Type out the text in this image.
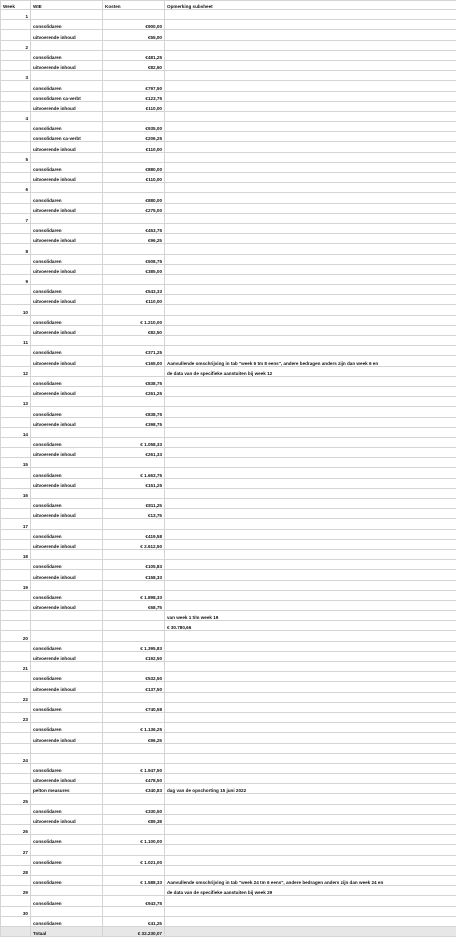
Week	WIE	Kosten	Opmerking subsheet
1			
	consolidaren	€900,00	
	uitvoerende inhoud	€55,00	
2			
	consolidaren	€481,25	
	uitvoerende inhoud	€82,50	
3			
	consolidaren	€797,50	
	consolidaren ca-verbt	€123,75	
	uitvoerende inhoud	€110,00	
4			
	consolidaren	€935,00	
	consolidaren ca-verbt	€206,25	
	uitvoerende inhoud	€110,00	
5			
	consolidaren	€880,00	
	uitvoerende inhoud	€110,00	
6			
	consolidaren	€880,00	
	uitvoerende inhoud	€275,00	
7			
	consolidaren	€453,75	
	uitvoerende inhoud	€96,25	
8			
	consolidaren	€508,75	
	uitvoerende inhoud	€385,00	
9			
	consolidaren	€543,33	
	uitvoerende inhoud	€110,00	
10			
	consolidaren	€ 1.210,00	
	uitvoerende inhoud	€82,50	
11			
	consolidaren	€371,25	
	uitvoerende inhoud	€165,00	Aanvullende omschrijving in tab "week 6 tm 8 eens", andere bedragen anders zijn dan week 6 en
12			de data van de specifieke aanstuiten bij week 12
	consolidaren	€838,75	
	uitvoerende inhoud	€261,25	
13			
	consolidaren	€838,75	
	uitvoerende inhoud	€398,75	
14			
	consolidaren	€ 1.058,33	
	uitvoerende inhoud	€261,33	
15			
	consolidaren	€ 1.663,75	
	uitvoerende inhoud	€151,25	
16			
	consolidaren	€811,25	
	uitvoerende inhoud	€13,75	
17			
	consolidaren	€419,58	
	uitvoerende inhoud	€ 2.612,50	
18			
	consolidaren	€105,83	
	uitvoerende inhoud	€158,33	
19			
	consolidaren	€ 1.898,33	
	uitvoerende inhoud	€68,75	
			van week 1 t/m week 19
			€ 30.780,66
20			
	consolidaren	€ 1.395,83	
	uitvoerende inhoud	€192,50	
21			
	consolidaren	€532,50	
	uitvoerende inhoud	€137,50	
22			
	consolidaren	€740,58	
23			
	consolidaren	€ 1.136,25	
	uitvoerende inhoud	€96,25	

24			
	consolidaren	€ 1.947,50	
	uitvoerende inhoud	€478,50	
	pelton measures	€340,83	dag van de opschorting 15 juni 2022
25			
	consolidaren	€330,50	
	uitvoerende inhoud	€89,38	
26			
	consolidaren	€ 1.100,00	
27			
	consolidaren	€ 1.021,00	
28			
	consolidaren	€ 1.588,33	Aanvullende omschrijving in tab "week 24 tm 6 eens", andere bedragen anders zijn dan week 24 en
29			de data van de specifieke aanstuiten bij week 29
	consolidaren	€943,75	
30			
	consolidaren	€41,25	
	Totaal	€ 32.230,07	
